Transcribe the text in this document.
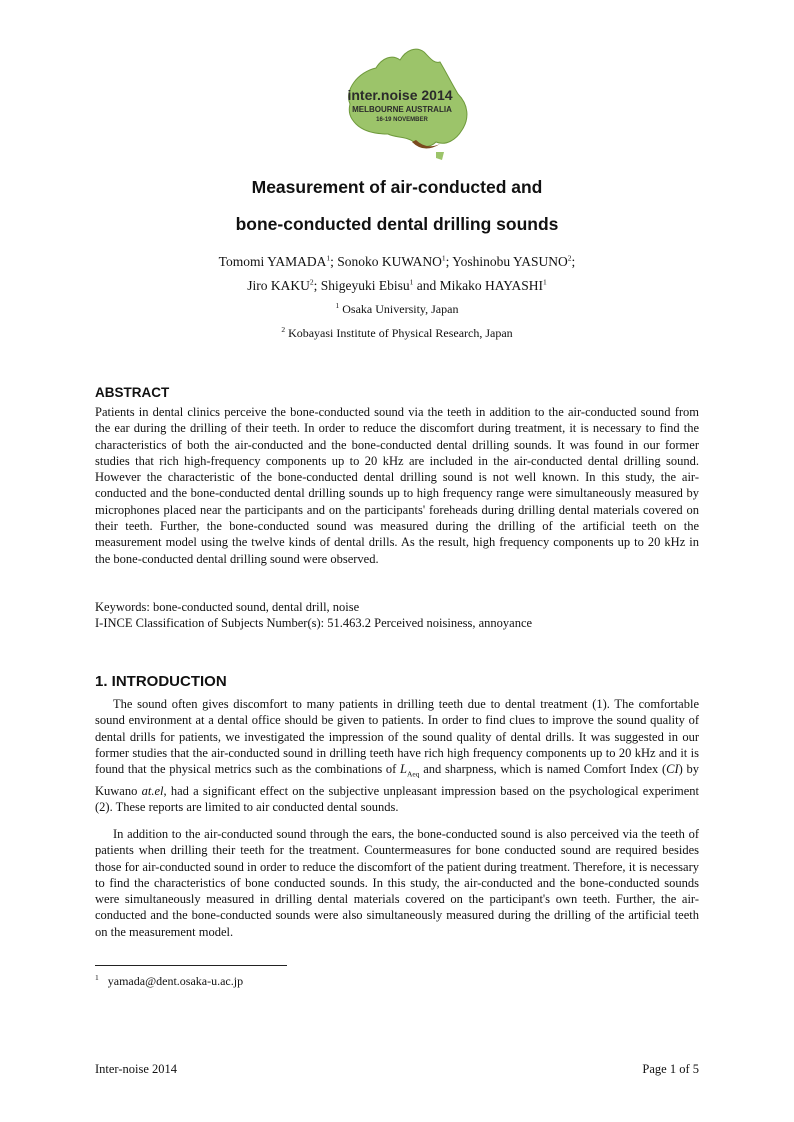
inter.noise 2014
MELBOURNE AUSTRALIA
16-19 NOVEMBER
Measurement of air-conducted and
bone-conducted dental drilling sounds
Tomomi YAMADA$^1$; Sonoko KUWANO$^1$; Yoshinobu YASUNO$^2$;
Jiro KAKU$^2$; Shigeyuki Ebisu$^1$ and Mikako HAYASHI$^1$
$^1$ Osaka University, Japan
$^2$ Kobayasi Institute of Physical Research, Japan
ABSTRACT
Patients in dental clinics perceive the bone-conducted sound via the teeth in addition to the air-conducted sound from the ear during the drilling of their teeth. In order to reduce the discomfort during treatment, it is necessary to find the characteristics of both the air-conducted and the bone-conducted dental drilling sounds. It was found in our former studies that rich high-frequency components up to 20 kHz are included in the air-conducted dental drilling sound. However the characteristic of the bone-conducted dental drilling sound is not well known. In this study, the air-conducted and the bone-conducted dental drilling sounds up to high frequency range were simultaneously measured by microphones placed near the participants and on the participants' foreheads during drilling dental materials covered on their teeth. Further, the bone-conducted sound was measured during the drilling of the artificial teeth on the measurement model using the twelve kinds of dental drills. As the result, high frequency components up to 20 kHz in the bone-conducted dental drilling sound were observed.
Keywords: bone-conducted sound, dental drill, noise
I-INCE Classification of Subjects Number(s): 51.463.2 Perceived noisiness, annoyance
1. INTRODUCTION
The sound often gives discomfort to many patients in drilling teeth due to dental treatment (1). The comfortable sound environment at a dental office should be given to patients. In order to find clues to improve the sound quality of dental drills for patients, we investigated the impression of the sound quality of dental drills. It was suggested in our former studies that the air-conducted sound in drilling teeth have rich high frequency components up to 20 kHz and it is found that the physical metrics such as the combinations of $L_{Aeq}$ and sharpness, which is named Comfort Index (CI) by Kuwano at.el, had a significant effect on the subjective unpleasant impression based on the psychological experiment (2). These reports are limited to air conducted dental sounds.
In addition to the air-conducted sound through the ears, the bone-conducted sound is also perceived via the teeth of patients when drilling their teeth for the treatment. Countermeasures for bone conducted sound are required besides those for air-conducted sound in order to reduce the discomfort of the patient during treatment. Therefore, it is necessary to find the characteristics of bone conducted sounds. In this study, the air-conducted and the bone-conducted sounds were simultaneously measured in drilling dental materials covered on the participant's own teeth. Further, the air-conducted and the bone-conducted sounds were also simultaneously measured during the drilling of the artificial teeth on the measurement model.
$^1$ yamada@dent.osaka-u.ac.jp
Inter-noise 2014	Page 1 of 5
